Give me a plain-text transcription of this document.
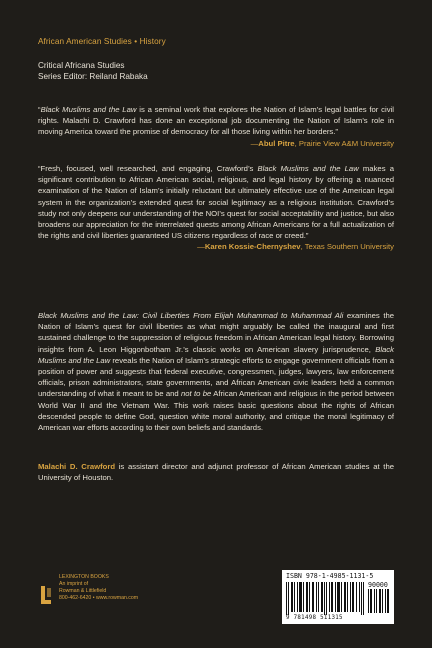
African American Studies • History
Critical Africana Studies
Series Editor: Reiland Rabaka

“Black Muslims and the Law is a seminal work that explores the Nation of Islam’s legal battles for civil rights. Malachi D. Crawford has done an exceptional job documenting the Nation of Islam’s role in moving America toward the promise of democracy for all those living within her borders.”

—Abul Pitre, Prairie View A&M University

“Fresh, focused, well researched, and engaging, Crawford’s Black Muslims and the Law makes a significant contribution to African American social, religious, and legal history by offering a nuanced examination of the Nation of Islam’s initially reluctant but ultimately effective use of the American legal system in the organization’s extended quest for social legitimacy as a religious institution. Crawford’s study not only deepens our understanding of the NOI’s quest for social acceptability and justice, but also broadens our appreciation for the interrelated quests among African Americans for a full actualization of the rights and civil liberties guaranteed US citizens regardless of race or creed.”

—Karen Kossie-Chernyshev, Texas Southern University

Black Muslims and the Law: Civil Liberties From Elijah Muhammad to Muhammad Ali examines the Nation of Islam’s quest for civil liberties as what might arguably be called the inaugural and first sustained challenge to the suppression of religious freedom in African American legal history. Borrowing insights from A. Leon Higgonbotham Jr.’s classic works on American slavery jurisprudence, Black Muslims and the Law reveals the Nation of Islam’s strategic efforts to engage government officials from a position of power and suggests that federal executive, congressmen, judges, lawyers, law enforcement officials, prison administrators, state governments, and African American civic leaders held a common understanding of what it meant to be and not to be African American and religious in the period between World War II and the Vietnam War. This work raises basic questions about the rights of African descended people to define God, question white moral authority, and critique the moral legitimacy of American war efforts according to their own beliefs and standards.

Malachi D. Crawford is assistant director and adjunct professor of African American studies at the University of Houston.

LEXINGTON BOOKS
An imprint of
Rowman & Littlefield
800-462-6420 • www.rowman.com
ISBN 978-1-4985-1131-5
90000
9 781498 511315
